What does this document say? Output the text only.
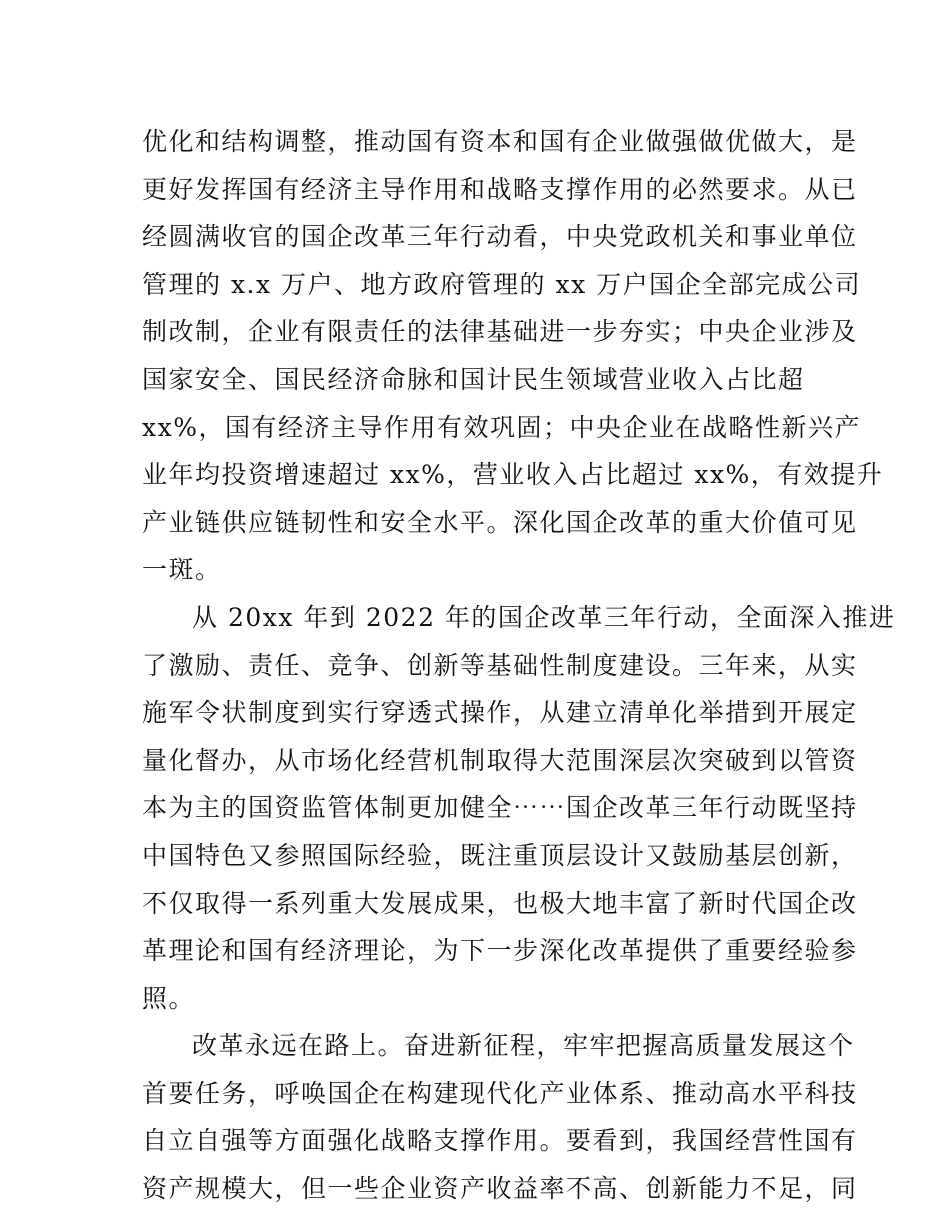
优化和结构调整，推动国有资本和国有企业做强做优做大，是
更好发挥国有经济主导作用和战略支撑作用的必然要求。从已
经圆满收官的国企改革三年行动看，中央党政机关和事业单位
管理的 x.x 万户、地方政府管理的 xx 万户国企全部完成公司
制改制，企业有限责任的法律基础进一步夯实；中央企业涉及
国家安全、国民经济命脉和国计民生领域营业收入占比超
xx%，国有经济主导作用有效巩固；中央企业在战略性新兴产
业年均投资增速超过 xx%，营业收入占比超过 xx%，有效提升
产业链供应链韧性和安全水平。深化国企改革的重大价值可见
一斑。
从 20xx 年到 2022 年的国企改革三年行动，全面深入推进
了激励、责任、竞争、创新等基础性制度建设。三年来，从实
施军令状制度到实行穿透式操作，从建立清单化举措到开展定
量化督办，从市场化经营机制取得大范围深层次突破到以管资
本为主的国资监管体制更加健全⋯⋯国企改革三年行动既坚持
中国特色又参照国际经验，既注重顶层设计又鼓励基层创新，
不仅取得一系列重大发展成果，也极大地丰富了新时代国企改
革理论和国有经济理论，为下一步深化改革提供了重要经验参
照。
改革永远在路上。奋进新征程，牢牢把握高质量发展这个
首要任务，呼唤国企在构建现代化产业体系、推动高水平科技
自立自强等方面强化战略支撑作用。要看到，我国经营性国有
资产规模大，但一些企业资产收益率不高、创新能力不足，同
